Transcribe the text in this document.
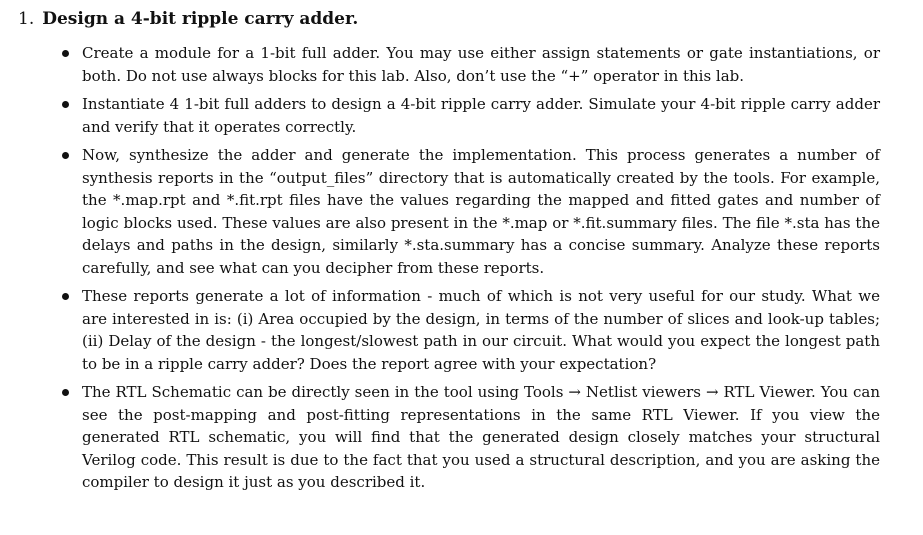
1. Design a 4-bit ripple carry adder.
Create a module for a 1-bit full adder. You may use either assign statements or gate instantiations, or both. Do not use always blocks for this lab. Also, don’t use the “+” operator in this lab.
Instantiate 4 1-bit full adders to design a 4-bit ripple carry adder. Simulate your 4-bit ripple carry adder and verify that it operates correctly.
Now, synthesize the adder and generate the implementation. This process generates a number of synthesis reports in the “output_files” directory that is automatically created by the tools. For example, the *.map.rpt and *.fit.rpt files have the values regarding the mapped and fitted gates and number of logic blocks used. These values are also present in the *.map or *.fit.summary files. The file *.sta has the delays and paths in the design, similarly *.sta.summary has a concise summary. Analyze these reports carefully, and see what can you decipher from these reports.
These reports generate a lot of information - much of which is not very useful for our study. What we are interested in is: (i) Area occupied by the design, in terms of the number of slices and look-up tables; (ii) Delay of the design - the longest/slowest path in our circuit. What would you expect the longest path to be in a ripple carry adder? Does the report agree with your expectation?
The RTL Schematic can be directly seen in the tool using Tools → Netlist viewers → RTL Viewer. You can see the post-mapping and post-fitting representations in the same RTL Viewer. If you view the generated RTL schematic, you will find that the generated design closely matches your structural Verilog code. This result is due to the fact that you used a structural description, and you are asking the compiler to design it just as you described it.
